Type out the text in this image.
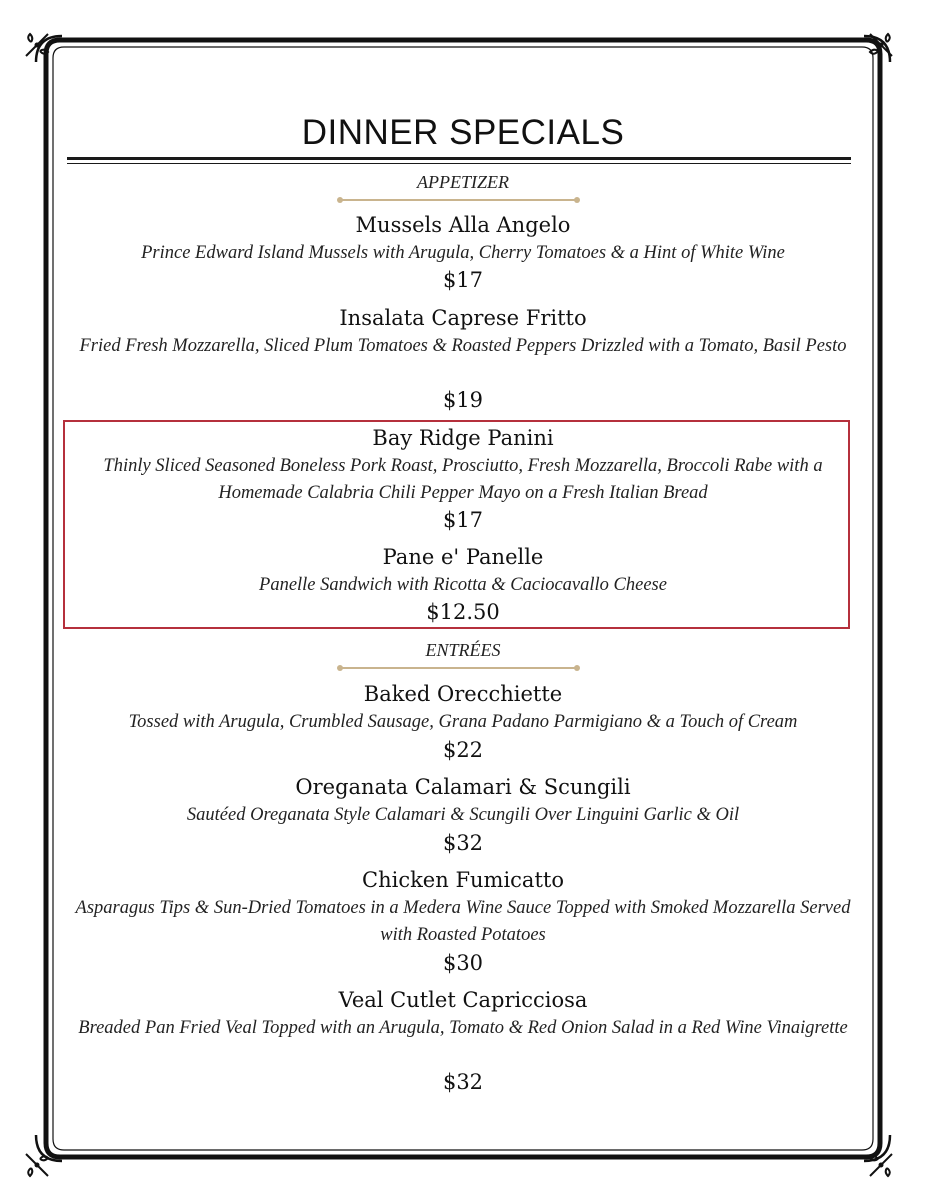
DINNER SPECIALS
APPETIZER
Mussels Alla Angelo
Prince Edward Island Mussels with Arugula, Cherry Tomatoes & a Hint of White Wine
$17
Insalata Caprese Fritto
Fried Fresh Mozzarella, Sliced Plum Tomatoes & Roasted Peppers Drizzled with a Tomato, Basil Pesto
$19
Bay Ridge Panini
Thinly Sliced Seasoned Boneless Pork Roast, Prosciutto, Fresh Mozzarella, Broccoli Rabe with a Homemade Calabria Chili Pepper Mayo on a Fresh Italian Bread
$17
Pane e' Panelle
Panelle Sandwich with Ricotta & Caciocavallo Cheese
$12.50
ENTRÉES
Baked Orecchiette
Tossed with Arugula, Crumbled Sausage, Grana Padano Parmigiano & a Touch of Cream
$22
Oreganata Calamari & Scungili
Sautéed Oreganata Style Calamari & Scungili Over Linguini Garlic & Oil
$32
Chicken Fumicatto
Asparagus Tips & Sun-Dried Tomatoes in a Medera Wine Sauce Topped with Smoked Mozzarella Served with Roasted Potatoes
$30
Veal Cutlet Capricciosa
Breaded Pan Fried Veal Topped with an Arugula, Tomato & Red Onion Salad in a Red Wine Vinaigrette
$32
